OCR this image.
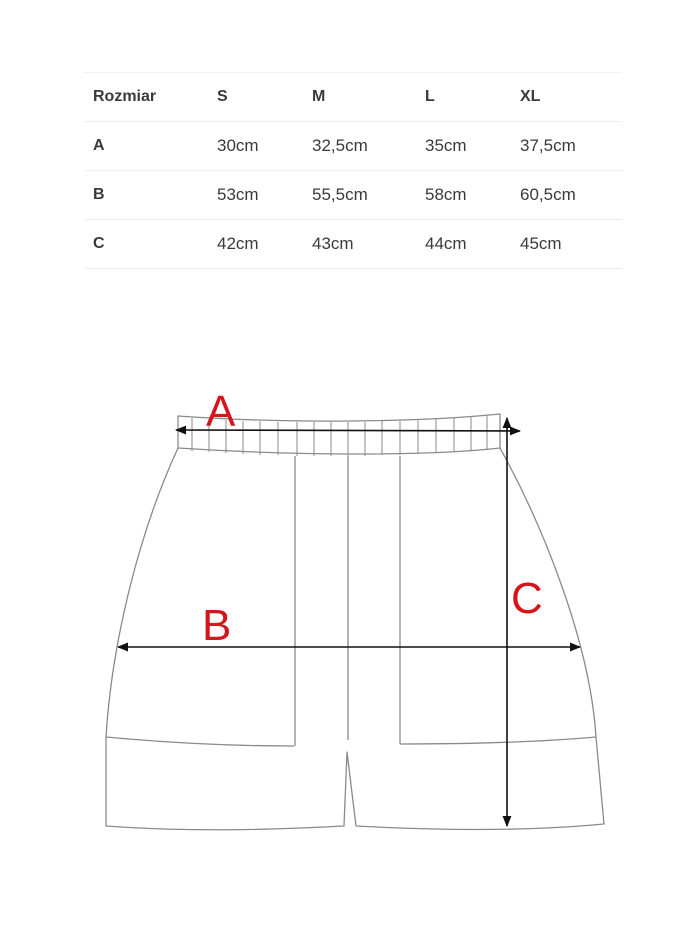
Rozmiar	S	M	L	XL
A	30cm	32,5cm	35cm	37,5cm
B	53cm	55,5cm	58cm	60,5cm
C	42cm	43cm	44cm	45cm
A
B
C
